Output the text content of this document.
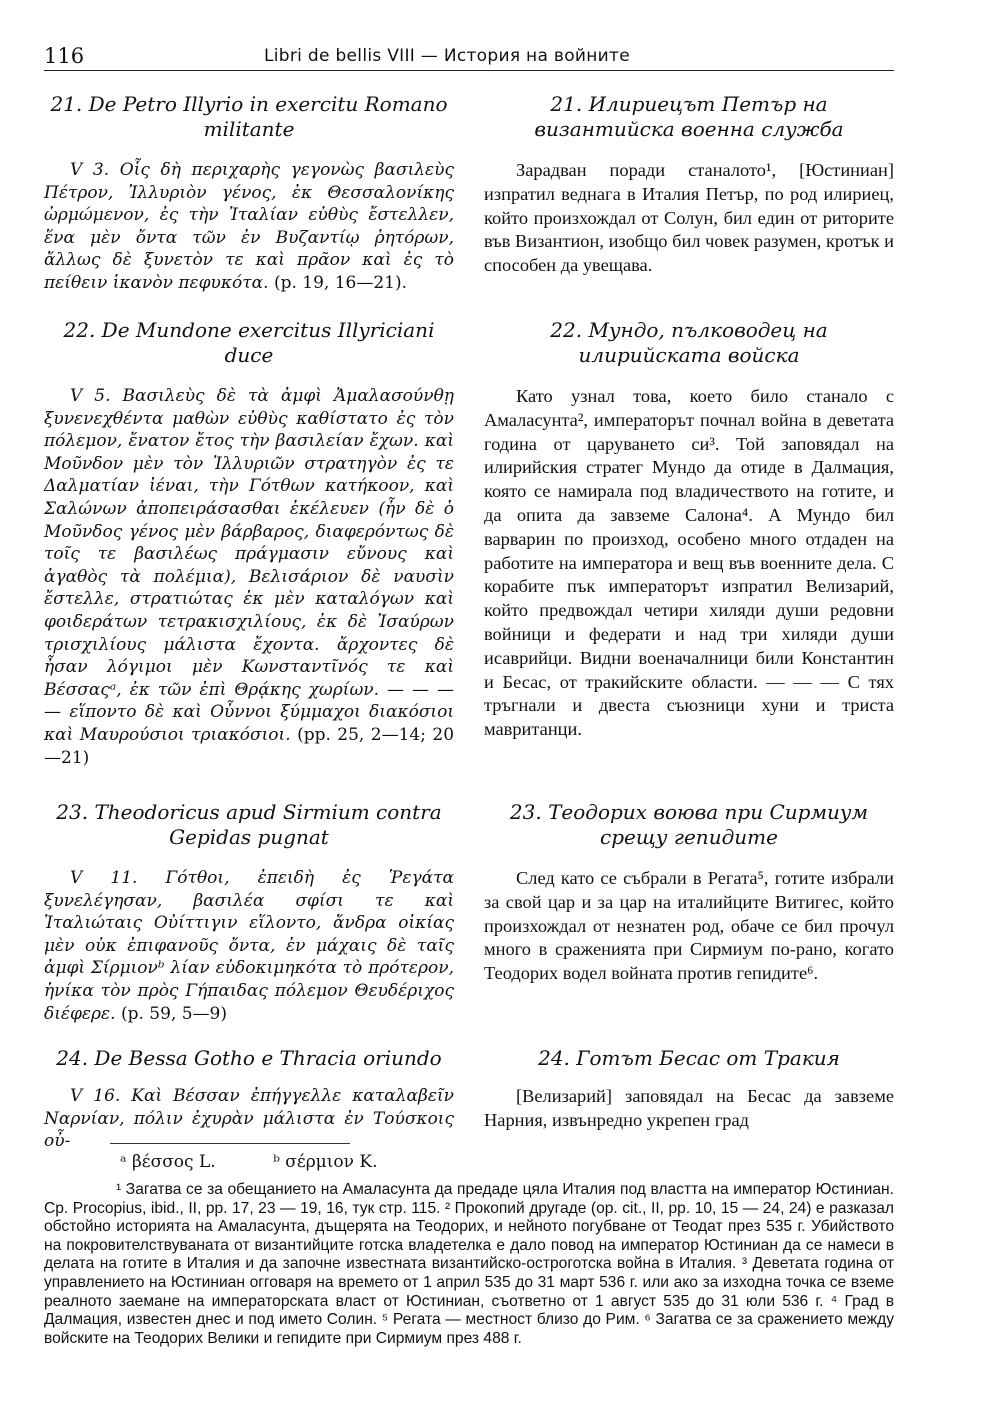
116	Libri de bellis VIII — История на войните

21. De Petro Illyrio in exercitu Romano militante

V 3. Οἷς δὴ περιχαρὴς γεγονὼς βασιλεὺς Πέτρον, Ἰλλυριὸν γένος, ἐκ Θεσσαλονίκης ὡρμώμενον, ἐς τὴν Ἰταλίαν εὐθὺς ἔστελλεν, ἕνα μὲν ὄντα τῶν ἐν Βυζαντίῳ ῥητόρων, ἄλλως δὲ ξυνετὸν τε καὶ πρᾶον καὶ ἐς τὸ πείθειν ἱκανὸν πεφυκότα. (p. 19, 16—21).

22. De Mundone exercitus Illyriciani duce

V 5. Βασιλεὺς δὲ τὰ ἀμφὶ Ἀμαλασούνθῃ ξυνενεχθέντα μαθὼν εὐθὺς καθίστατο ἐς τὸν πόλεμον, ἔνατον ἔτος τὴν βασιλείαν ἔχων. καὶ Μοῦνδον μὲν τὸν Ἰλλυριῶν στρατηγὸν ἐς τε Δαλματίαν ἰέναι, τὴν Γότθων κατήκοον, καὶ Σαλώνων ἀποπειράσασθαι ἐκέλευεν (ἦν δὲ ὁ Μοῦνδος γένος μὲν βάρβαρος, διαφερόντως δὲ τοῖς τε βασιλέως πράγμασιν εὔνους καὶ ἀγαθὸς τὰ πολέμια), Βελισάριον δὲ ναυσὶν ἔστελλε, στρατιώτας ἐκ μὲν καταλόγων καὶ φοιδεράτων τετρακισχιλίους, ἐκ δὲ Ἰσαύρων τρισχιλίους μάλιστα ἔχοντα. ἄρχοντες δὲ ἦσαν λόγιμοι μὲν Κωνσταντῖνός τε καὶ Βέσσαςᵃ, ἐκ τῶν ἐπὶ Θρᾴκης χωρίων. — — — — εἵποντο δὲ καὶ Οὖννοι ξύμμαχοι διακόσιοι καὶ Μαυρούσιοι τριακόσιοι. (pp. 25, 2—14; 20—21)

23. Theodoricus apud Sirmium contra Gepidas pugnat

V 11. Γότθοι, ἐπειδὴ ἐς Ῥεγάτα ξυνελέγησαν, βασιλέα σφίσι τε καὶ Ἰταλιώταις Οὐίττιγιν εἵλοντο, ἄνδρα οἰκίας μὲν οὐκ ἐπιφανοῦς ὄντα, ἐν μάχαις δὲ ταῖς ἀμφὶ Σίρμιονᵇ λίαν εὐδοκιμηκότα τὸ πρότερον, ἡνίκα τὸν πρὸς Γήπαιδας πόλεμον Θευδέριχος διέφερε. (p. 59, 5—9)

24. De Bessa Gotho e Thracia oriundo

V 16. Καὶ Βέσσαν ἐπήγγελλε καταλαβεῖν Ναρνίαν, πόλιν ἐχυρὰν μάλιστα ἐν Τούσκοις οὖ-

21. Илириецът Петър на византийска военна служба

Зарадван поради станалото¹, [Юстиниан] изпратил веднага в Италия Петър, по род илириец, който произхождал от Солун, бил един от риторите във Византион, изобщо бил човек разумен, кротък и способен да увещава.

22. Мундо, пълководец на илирийската войска

Като узнал това, което било станало с Амаласунта², императорът почнал война в деветата година от царуването си³. Той заповядал на илирийския стратег Мундо да отиде в Далмация, която се намирала под владичеството на готите, и да опита да завземе Салона⁴. А Мундо бил варварин по произход, особено много отдаден на работите на императора и вещ във военните дела. С корабите пък императорът изпратил Велизарий, който предвождал четири хиляди души редовни войници и федерати и над три хиляди души исаврийци. Видни военачалници били Константин и Бесас, от тракийските области. — — — С тях тръгнали и двеста съюзници хуни и триста мавританци.

23. Теодорих воюва при Сирмиум срещу гепидите

След като се събрали в Регата⁵, готите избрали за свой цар и за цар на италийците Витигес, който произхождал от незнатен род, обаче се бил прочул много в сраженията при Сирмиум по-рано, когато Теодорих водел войната против гепидите⁶.

24. Готът Бесас от Тракия

[Велизарий] заповядал на Бесас да завземе Нарния, извънредно укрепен град

ᵃ βέσσος L.	ᵇ σέρμιον K.

¹ Загатва се за обещанието на Амаласунта да предаде цяла Италия под властта на император Юстиниан. Ср. Procopius, ibid., II, pp. 17, 23 — 19, 16, тук стр. 115. ² Прокопий другаде (op. cit., II, pp. 10, 15 — 24, 24) е разказал обстойно историята на Амаласунта, дъщерята на Теодорих, и нейното погубване от Теодат през 535 г. Убийството на покровителствуваната от византийците готска владетелка е дало повод на император Юстиниан да се намеси в делата на готите в Италия и да започне известната византийско-остроготска война в Италия. ³ Деветата година от управлението на Юстиниан огговаря на времето от 1 април 535 до 31 март 536 г. или ако за изходна точка се вземе реалното заемане на императорската власт от Юстиниан, съответно от 1 август 535 до 31 юли 536 г. ⁴ Град в Далмация, известен днес и под името Солин. ⁵ Регата — местност близо до Рим. ⁶ Загатва се за сражението между войските на Теодорих Велики и гепидите при Сирмиум през 488 г.
